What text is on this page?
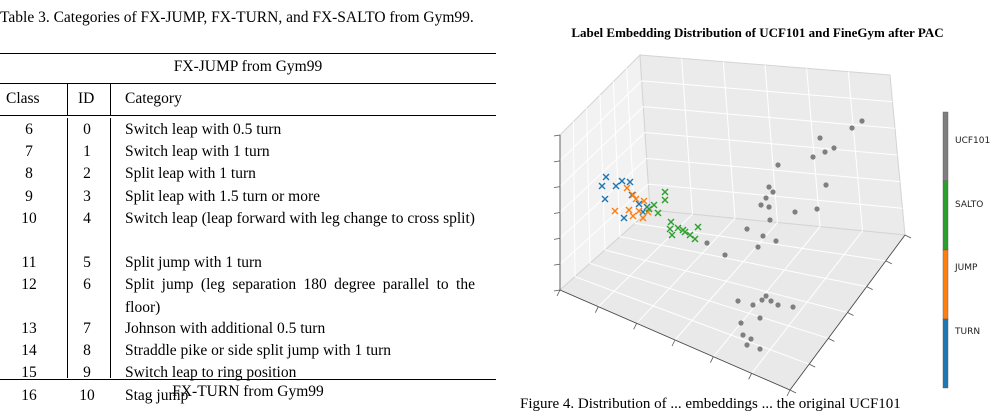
Table 3. Categories of FX-JUMP, FX-TURN, and FX-SALTO from Gym99.
FX-JUMP from Gym99
Class ID Category
6	0	Switch leap with 0.5 turn
7	1	Switch leap with 1 turn
8	2	Split leap with 1 turn
9	3	Split leap with 1.5 turn or more
10	4	Switch leap (leap forward with leg change to cross split)
11	5	Split jump with 1 turn
12	6	Split jump (leg separation 180 degree parallel to the floor)
13	7	Johnson with additional 0.5 turn
14	8	Straddle pike or side split jump with 1 turn
15	9	Switch leap to ring position
16	10 Stag jump
FX-TURN from Gym99
Label Embedding Distribution of UCF101 and FineGym after PAC
UCF101
SALTO
JUMP
TURN
Figure 4. Distribution of ... embeddings ... the original UCF101
